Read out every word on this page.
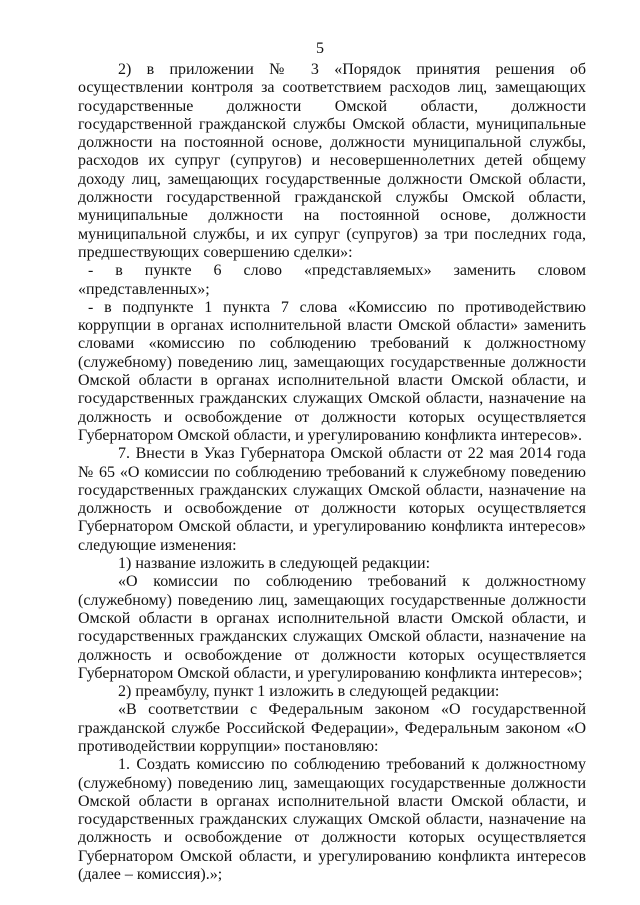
5

2) в приложении № 3 «Порядок принятия решения об осуществлении контроля за соответствием расходов лиц, замещающих государственные должности Омской области, должности государственной гражданской службы Омской области, муниципальные должности на постоянной основе, должности муниципальной службы, расходов их супруг (супругов) и несовершеннолетних детей общему доходу лиц, замещающих государственные должности Омской области, должности государственной гражданской службы Омской области, муниципальные должности на постоянной основе, должности муниципальной службы, и их супруг (супругов) за три последних года, предшествующих совершению сделки»:

- в пункте 6 слово «представляемых» заменить словом «представленных»;

- в подпункте 1 пункта 7 слова «Комиссию по противодействию коррупции в органах исполнительной власти Омской области» заменить словами «комиссию по соблюдению требований к должностному (служебному) поведению лиц, замещающих государственные должности Омской области в органах исполнительной власти Омской области, и государственных гражданских служащих Омской области, назначение на должность и освобождение от должности которых осуществляется Губернатором Омской области, и урегулированию конфликта интересов».

7. Внести в Указ Губернатора Омской области от 22 мая 2014 года № 65 «О комиссии по соблюдению требований к служебному поведению государственных гражданских служащих Омской области, назначение на должность и освобождение от должности которых осуществляется Губернатором Омской области, и урегулированию конфликта интересов» следующие изменения:

1) название изложить в следующей редакции:

«О комиссии по соблюдению требований к должностному (служебному) поведению лиц, замещающих государственные должности Омской области в органах исполнительной власти Омской области, и государственных гражданских служащих Омской области, назначение на должность и освобождение от должности которых осуществляется Губернатором Омской области, и урегулированию конфликта интересов»;

2) преамбулу, пункт 1 изложить в следующей редакции:

«В соответствии с Федеральным законом «О государственной гражданской службе Российской Федерации», Федеральным законом «О противодействии коррупции» постановляю:

1. Создать комиссию по соблюдению требований к должностному (служебному) поведению лиц, замещающих государственные должности Омской области в органах исполнительной власти Омской области, и государственных гражданских служащих Омской области, назначение на должность и освобождение от должности которых осуществляется Губернатором Омской области, и урегулированию конфликта интересов (далее – комиссия).»;
